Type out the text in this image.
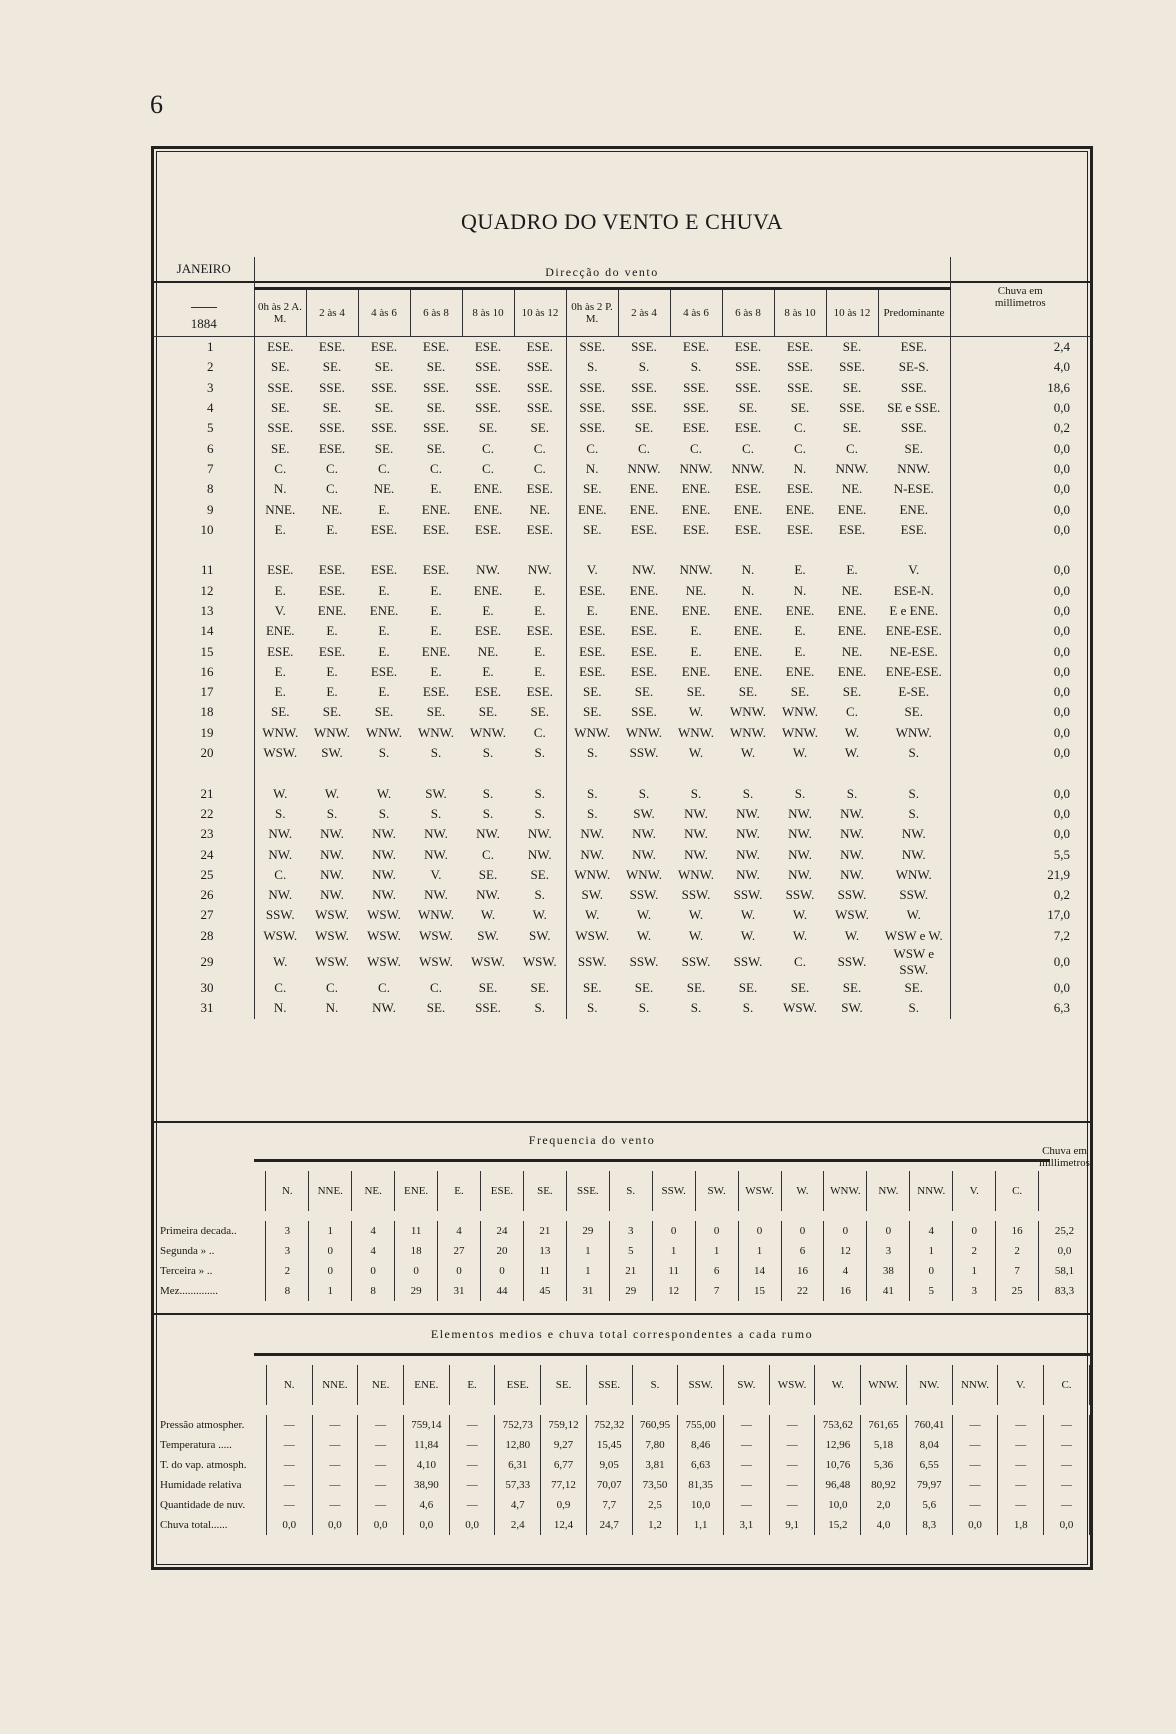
6
QUADRO DO VENTO E CHUVA
JANEIRO

1884	Direcção do vento													Chuva em millimetros
	0h às 2 A. M.	2 às 4	4 às 6	6 às 8	8 às 10	10 às 12	0h às 2 P. M.	2 às 4	4 às 6	6 às 8	8 às 10	10 às 12	Predominante	
1	ESE.	ESE.	ESE.	ESE.	ESE.	ESE.	SSE.	SSE.	ESE.	ESE.	ESE.	SE.	ESE.	2,4
2	SE.	SE.	SE.	SE.	SSE.	SSE.	S.	S.	S.	SSE.	SSE.	SSE.	SE-S.	4,0
3	SSE.	SSE.	SSE.	SSE.	SSE.	SSE.	SSE.	SSE.	SSE.	SSE.	SSE.	SE.	SSE.	18,6
4	SE.	SE.	SE.	SE.	SSE.	SSE.	SSE.	SSE.	SSE.	SE.	SE.	SSE.	SE e SSE.	0,0
5	SSE.	SSE.	SSE.	SSE.	SE.	SE.	SSE.	SE.	ESE.	ESE.	C.	SE.	SSE.	0,2
6	SE.	ESE.	SE.	SE.	C.	C.	C.	C.	C.	C.	C.	C.	SE.	0,0
7	C.	C.	C.	C.	C.	C.	N.	NNW.	NNW.	NNW.	N.	NNW.	NNW.	0,0
8	N.	C.	NE.	E.	ENE.	ESE.	SE.	ENE.	ENE.	ESE.	ESE.	NE.	N-ESE.	0,0
9	NNE.	NE.	E.	ENE.	ENE.	NE.	ENE.	ENE.	ENE.	ENE.	ENE.	ENE.	ENE.	0,0
10	E.	E.	ESE.	ESE.	ESE.	ESE.	SE.	ESE.	ESE.	ESE.	ESE.	ESE.	ESE.	0,0

11	ESE.	ESE.	ESE.	ESE.	NW.	NW.	V.	NW.	NNW.	N.	E.	E.	V.	0,0
12	E.	ESE.	E.	E.	ENE.	E.	ESE.	ENE.	NE.	N.	N.	NE.	ESE-N.	0,0
13	V.	ENE.	ENE.	E.	E.	E.	E.	ENE.	ENE.	ENE.	ENE.	ENE.	E e ENE.	0,0
14	ENE.	E.	E.	E.	ESE.	ESE.	ESE.	ESE.	E.	ENE.	E.	ENE.	ENE-ESE.	0,0
15	ESE.	ESE.	E.	ENE.	NE.	E.	ESE.	ESE.	E.	ENE.	E.	NE.	NE-ESE.	0,0
16	E.	E.	ESE.	E.	E.	E.	ESE.	ESE.	ENE.	ENE.	ENE.	ENE.	ENE-ESE.	0,0
17	E.	E.	E.	ESE.	ESE.	ESE.	SE.	SE.	SE.	SE.	SE.	SE.	E-SE.	0,0
18	SE.	SE.	SE.	SE.	SE.	SE.	SE.	SSE.	W.	WNW.	WNW.	C.	SE.	0,0
19	WNW.	WNW.	WNW.	WNW.	WNW.	C.	WNW.	WNW.	WNW.	WNW.	WNW.	W.	WNW.	0,0
20	WSW.	SW.	S.	S.	S.	S.	S.	SSW.	W.	W.	W.	W.	S.	0,0

21	W.	W.	W.	SW.	S.	S.	S.	S.	S.	S.	S.	S.	S.	0,0
22	S.	S.	S.	S.	S.	S.	S.	SW.	NW.	NW.	NW.	NW.	S.	0,0
23	NW.	NW.	NW.	NW.	NW.	NW.	NW.	NW.	NW.	NW.	NW.	NW.	NW.	0,0
24	NW.	NW.	NW.	NW.	C.	NW.	NW.	NW.	NW.	NW.	NW.	NW.	NW.	5,5
25	C.	NW.	NW.	V.	SE.	SE.	WNW.	WNW.	WNW.	NW.	NW.	NW.	WNW.	21,9
26	NW.	NW.	NW.	NW.	NW.	S.	SW.	SSW.	SSW.	SSW.	SSW.	SSW.	SSW.	0,2
27	SSW.	WSW.	WSW.	WNW.	W.	W.	W.	W.	W.	W.	W.	WSW.	W.	17,0
28	WSW.	WSW.	WSW.	WSW.	SW.	SW.	WSW.	W.	W.	W.	W.	W.	WSW e W.	7,2
29	W.	WSW.	WSW.	WSW.	WSW.	WSW.	SSW.	SSW.	SSW.	SSW.	C.	SSW.	WSW e SSW.	0,0
30	C.	C.	C.	C.	SE.	SE.	SE.	SE.	SE.	SE.	SE.	SE.	SE.	0,0
31	N.	N.	NW.	SE.	SSE.	S.	S.	S.	S.	S.	WSW.	SW.	S.	6,3
Frequencia do vento
	N.	NNE.	NE.	ENE.	E.	ESE.	SE.	SSE.	S.	SSW.	SW.	WSW.	W.	WNW.	NW.	NNW.	V.	C.	Chuva em millimetros

Primeira decada..	3	1	4	11	4	24	21	29	3	0	0	0	0	0	0	4	0	16	25,2
Segunda » ..	3	0	4	18	27	20	13	1	5	1	1	1	6	12	3	1	2	2	0,0
Terceira » ..	2	0	0	0	0	0	11	1	21	11	6	14	16	4	38	0	1	7	58,1
Mez..............	8	1	8	29	31	44	45	31	29	12	7	15	22	16	41	5	3	25	83,3
Elementos medios e chuva total correspondentes a cada rumo
	N.	NNE.	NE.	ENE.	E.	ESE.	SE.	SSE.	S.	SSW.	SW.	WSW.	W.	WNW.	NW.	NNW.	V.	C.

Pressão atmospher.	—	—	—	759,14	—	752,73	759,12	752,32	760,95	755,00	—	—	753,62	761,65	760,41	—	—	—
Temperatura .....	—	—	—	11,84	—	12,80	9,27	15,45	7,80	8,46	—	—	12,96	5,18	8,04	—	—	—
T. do vap. atmosph.	—	—	—	4,10	—	6,31	6,77	9,05	3,81	6,63	—	—	10,76	5,36	6,55	—	—	—
Humidade relativa	—	—	—	38,90	—	57,33	77,12	70,07	73,50	81,35	—	—	96,48	80,92	79,97	—	—	—
Quantidade de nuv.	—	—	—	4,6	—	4,7	0,9	7,7	2,5	10,0	—	—	10,0	2,0	5,6	—	—	—
Chuva total......	0,0	0,0	0,0	0,0	0,0	2,4	12,4	24,7	1,2	1,1	3,1	9,1	15,2	4,0	8,3	0,0	1,8	0,0
